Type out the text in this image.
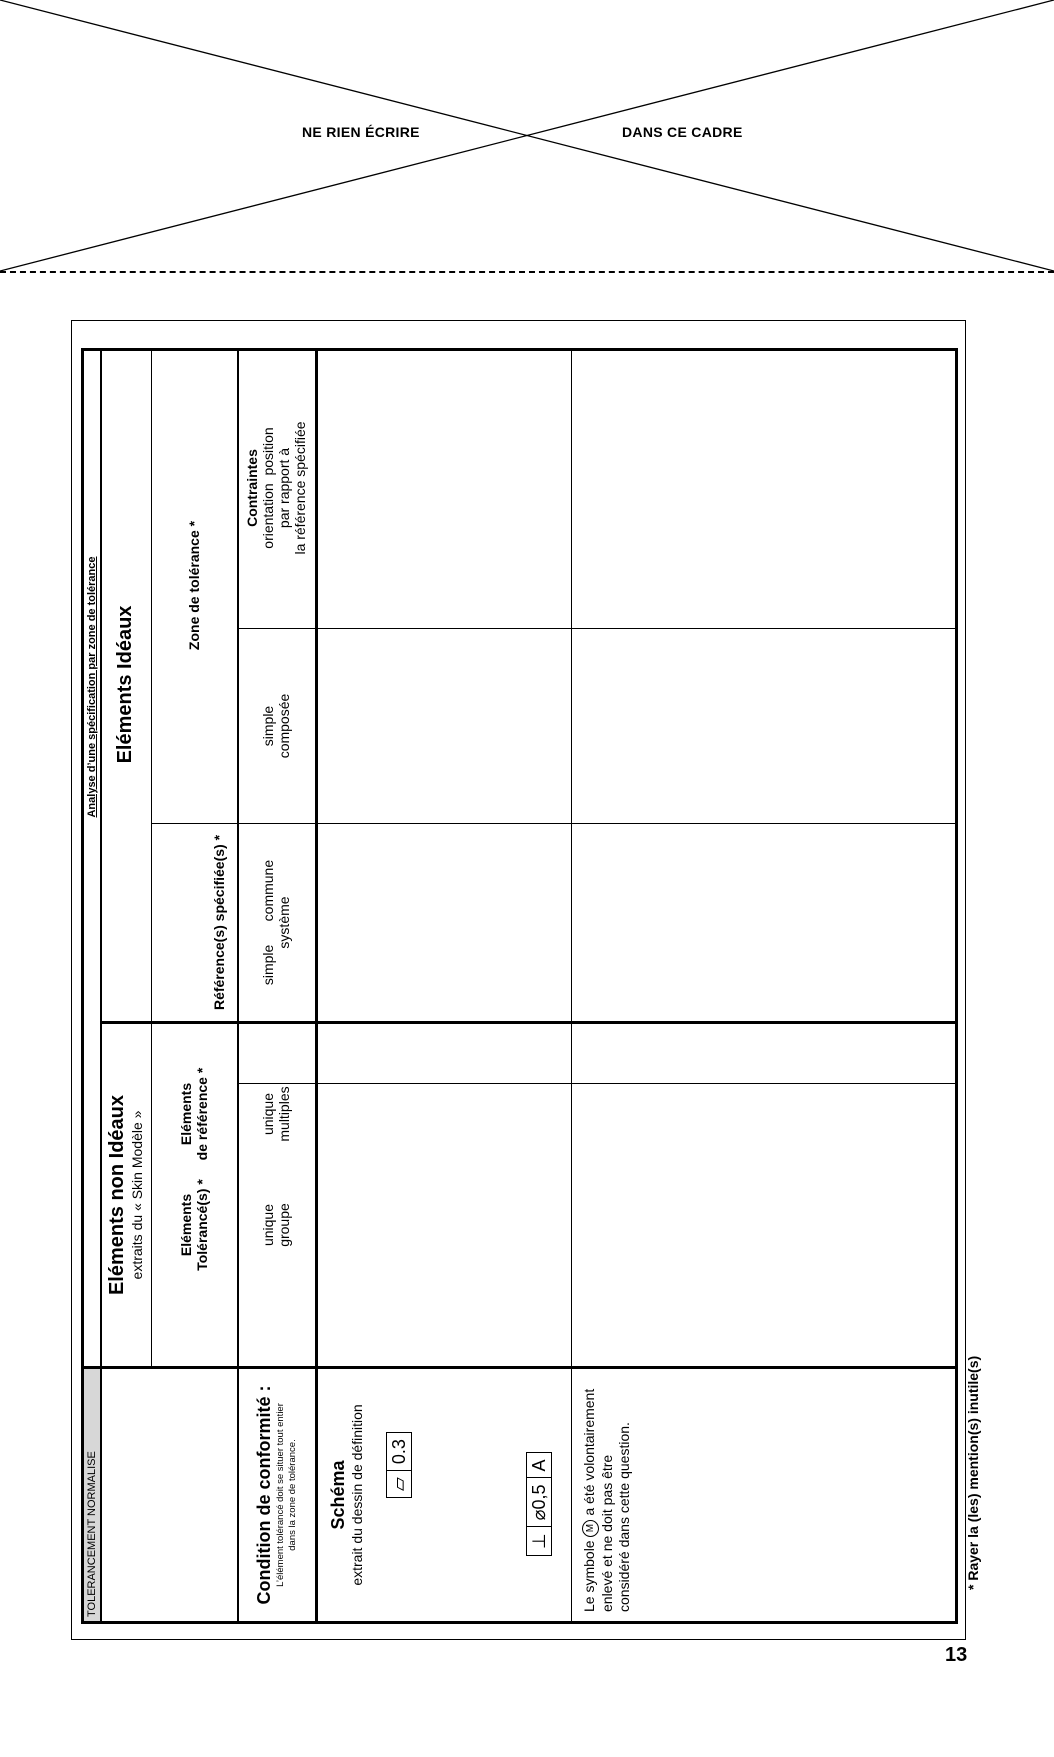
NE RIEN ÉCRIRE	DANS CE CADRE
TOLERANCEMENT NORMALISE
Analyse d’une spécification par zone de tolérance
Eléments non Idéaux extraits du « Skin Modèle »
Eléments Idéaux
Eléments Tolérancé(s) *
Eléments de référence *
Référence(s) spécifiée(s) *
Zone de tolérance *
unique groupe
unique multiples
simple      commune système
simple composée
Contraintes orientation  position par rapport à la référence spécifiée
Condition de conformité : L’élément tolérancé doit se situer tout entier dans la zone de tolérance. Schéma extrait du dessin de définition ▱
0.3
⊥
⌀0,5
A
Le symbole M a été volontairement
enlevé et ne doit pas être considéré dans cette question.	* Rayer la (les) mention(s) inutile(s)
13
